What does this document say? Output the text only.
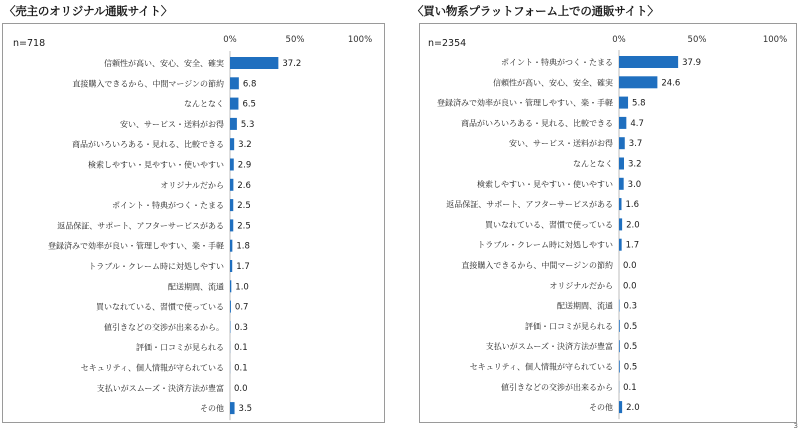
〈売主のオリジナル通販サイト〉	〈買い物系プラットフォーム上での通販サイト〉
n=718	0%	50%	100%
信頼性が高い、安心、安全、確実	37.2
直接購入できるから、中間マージンの節約 6.8
なんとなく 6.5
安い、サービス・送料がお得 5.3
商品がいろいろある・見れる、比較できる 3.2
検索しやすい・見やすい・使いやすい 2.9
オリジナルだから 2.6
ポイント・特典がつく・たまる 2.5
返品保証、サポート、アフターサービスがある 2.5
登録済みで効率が良い・管理しやすい、楽・手軽 1.8
トラブル・クレーム時に対処しやすい 1.7
配送期間、流通 1.0
買いなれている、習慣で使っている 0.7
値引きなどの交渉が出来るから。 0.3
評価・口コミが見られる 0.1
セキュリティ、個人情報が守られている 0.1
支払いがスムーズ・決済方法が豊富 0.0
その他 3.5
n=2354	0%	50%	100%
ポイント・特典がつく・たまる	37.9
信頼性が高い、安心、安全、確実	24.6
登録済みで効率が良い・管理しやすい、楽・手軽 5.8
商品がいろいろある・見れる、比較できる 4.7
安い、サービス・送料がお得 3.7
なんとなく 3.2
検索しやすい・見やすい・使いやすい 3.0
返品保証、サポート、アフターサービスがある 1.6
買いなれている、習慣で使っている 2.0
トラブル・クレーム時に対処しやすい 1.7
直接購入できるから、中間マージンの節約 0.0
オリジナルだから 0.0
配送期間、流通 0.3
評価・口コミが見られる 0.5
支払いがスムーズ・決済方法が豊富 0.5
セキュリティ、個人情報が守られている 0.5
値引きなどの交渉が出来るから 0.1
その他 2.0
3
